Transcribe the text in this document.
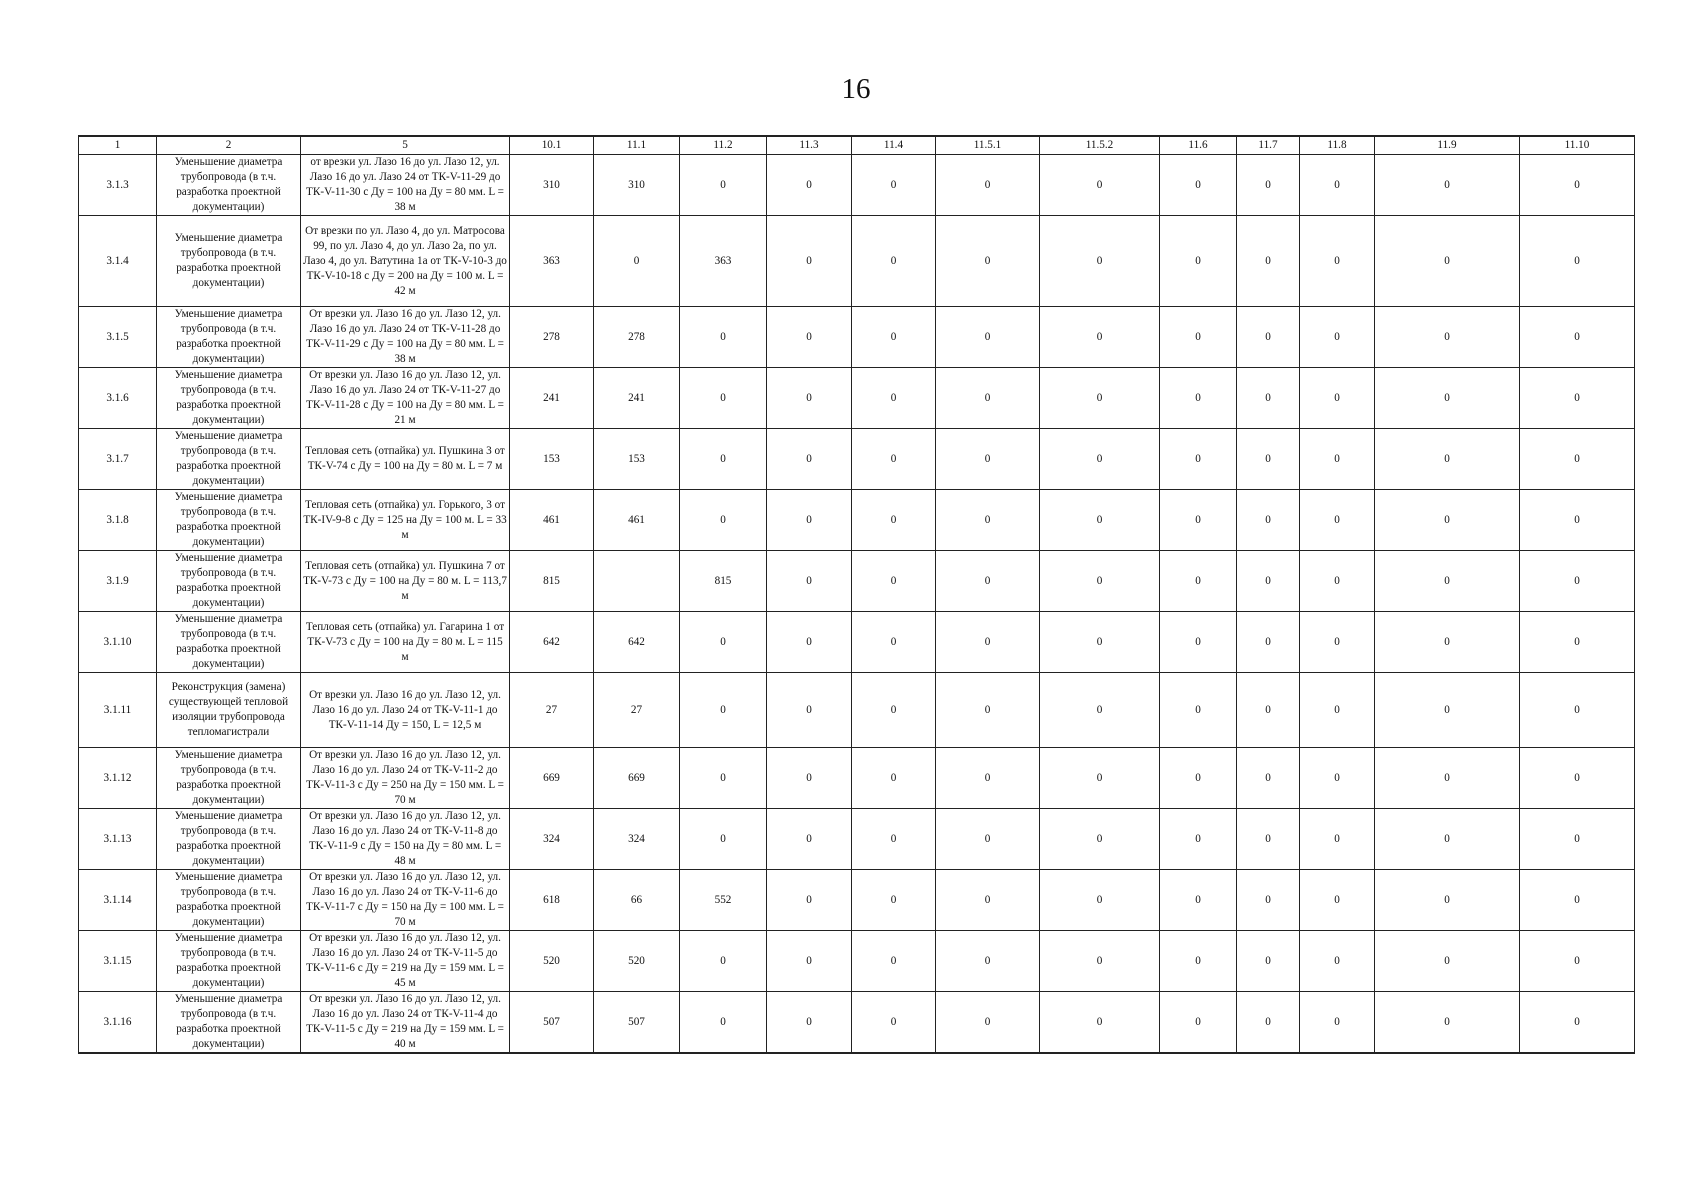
16
1	2	5	10.1	11.1	11.2	11.3	11.4	11.5.1	11.5.2	11.6	11.7	11.8	11.9	11.10
3.1.3	Уменьшение диаметра трубопровода (в т.ч. разработка проектной документации)	от врезки ул. Лазо 16 до ул. Лазо 12, ул. Лазо 16 до ул. Лазо 24 от ТК-V-11-29 до ТК-V-11-30 с Ду = 100 на Ду = 80 мм. L = 38 м	310	310	0	0	0	0	0	0	0	0	0	0
3.1.4	Уменьшение диаметра трубопровода (в т.ч. разработка проектной документации)	От врезки по ул. Лазо 4, до ул. Матросова 99, по ул. Лазо 4, до ул. Лазо 2а, по ул. Лазо 4, до ул. Ватутина 1а от ТК-V-10-3 до ТК-V-10-18 с Ду = 200 на Ду = 100 м. L = 42 м	363	0	363	0	0	0	0	0	0	0	0	0
3.1.5	Уменьшение диаметра трубопровода (в т.ч. разработка проектной документации)	От врезки ул. Лазо 16 до ул. Лазо 12, ул. Лазо 16 до ул. Лазо 24 от ТК-V-11-28 до ТК-V-11-29 с Ду = 100 на Ду = 80 мм. L = 38 м	278	278	0	0	0	0	0	0	0	0	0	0
3.1.6	Уменьшение диаметра трубопровода (в т.ч. разработка проектной документации)	От врезки ул. Лазо 16 до ул. Лазо 12, ул. Лазо 16 до ул. Лазо 24 от ТК-V-11-27 до ТК-V-11-28 с Ду = 100 на Ду = 80 мм. L = 21 м	241	241	0	0	0	0	0	0	0	0	0	0
3.1.7	Уменьшение диаметра трубопровода (в т.ч. разработка проектной документации)	Тепловая сеть (отпайка) ул. Пушкина 3 от ТК-V-74 с Ду = 100 на Ду = 80 м. L = 7 м	153	153	0	0	0	0	0	0	0	0	0	0
3.1.8	Уменьшение диаметра трубопровода (в т.ч. разработка проектной документации)	Тепловая сеть (отпайка) ул. Горького, 3 от ТК-IV-9-8 с Ду = 125 на Ду = 100 м. L = 33 м	461	461	0	0	0	0	0	0	0	0	0	0
3.1.9	Уменьшение диаметра трубопровода (в т.ч. разработка проектной документации)	Тепловая сеть (отпайка) ул. Пушкина 7 от ТК-V-73 с Ду = 100 на Ду = 80 м. L = 113,7 м	815		815	0	0	0	0	0	0	0	0	0
3.1.10	Уменьшение диаметра трубопровода (в т.ч. разработка проектной документации)	Тепловая сеть (отпайка) ул. Гагарина 1 от ТК-V-73 с Ду = 100 на Ду = 80 м. L = 115 м	642	642	0	0	0	0	0	0	0	0	0	0
3.1.11	Реконструкция (замена) существующей тепловой изоляции трубопровода тепломагистрали	От врезки ул. Лазо 16 до ул. Лазо 12, ул. Лазо 16 до ул. Лазо 24 от ТК-V-11-1 до ТК-V-11-14 Ду = 150, L = 12,5 м	27	27	0	0	0	0	0	0	0	0	0	0
3.1.12	Уменьшение диаметра трубопровода (в т.ч. разработка проектной документации)	От врезки ул. Лазо 16 до ул. Лазо 12, ул. Лазо 16 до ул. Лазо 24 от ТК-V-11-2 до ТК-V-11-3 с Ду = 250 на Ду = 150 мм. L = 70 м	669	669	0	0	0	0	0	0	0	0	0	0
3.1.13	Уменьшение диаметра трубопровода (в т.ч. разработка проектной документации)	От врезки ул. Лазо 16 до ул. Лазо 12, ул. Лазо 16 до ул. Лазо 24 от ТК-V-11-8 до ТК-V-11-9 с Ду = 150 на Ду = 80 мм. L = 48 м	324	324	0	0	0	0	0	0	0	0	0	0
3.1.14	Уменьшение диаметра трубопровода (в т.ч. разработка проектной документации)	От врезки ул. Лазо 16 до ул. Лазо 12, ул. Лазо 16 до ул. Лазо 24 от ТК-V-11-6 до ТК-V-11-7 с Ду = 150 на Ду = 100 мм. L = 70 м	618	66	552	0	0	0	0	0	0	0	0	0
3.1.15	Уменьшение диаметра трубопровода (в т.ч. разработка проектной документации)	От врезки ул. Лазо 16 до ул. Лазо 12, ул. Лазо 16 до ул. Лазо 24 от ТК-V-11-5 до ТК-V-11-6 с Ду = 219 на Ду = 159 мм. L = 45 м	520	520	0	0	0	0	0	0	0	0	0	0
3.1.16	Уменьшение диаметра трубопровода (в т.ч. разработка проектной документации)	От врезки ул. Лазо 16 до ул. Лазо 12, ул. Лазо 16 до ул. Лазо 24 от ТК-V-11-4 до ТК-V-11-5 с Ду = 219 на Ду = 159 мм. L = 40 м	507	507	0	0	0	0	0	0	0	0	0	0
